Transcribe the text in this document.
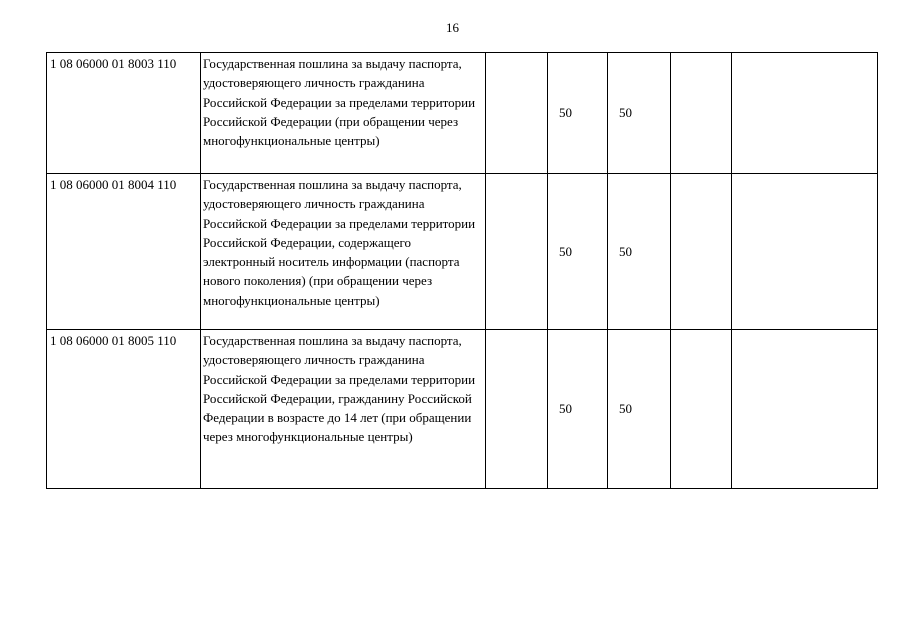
16
1 08 06000 01 8003 110	Государственная пошлина за выдачу паспорта, удостоверяющего личность гражданина Российской Федерации за пределами территории Российской Федерации (при обращении через многофункциональные центры)		50	50		
1 08 06000 01 8004 110	Государственная пошлина за выдачу паспорта, удостоверяющего личность гражданина Российской Федерации за пределами территории Российской Федерации, содержащего электронный носитель информации (паспорта нового поколения) (при обращении через многофункциональные центры)		50	50		
1 08 06000 01 8005 110	Государственная пошлина за выдачу паспорта, удостоверяющего личность гражданина Российской Федерации за пределами территории Российской Федерации, гражданину Российской Федерации в возрасте до 14 лет (при обращении через многофункциональные центры)		50	50		
